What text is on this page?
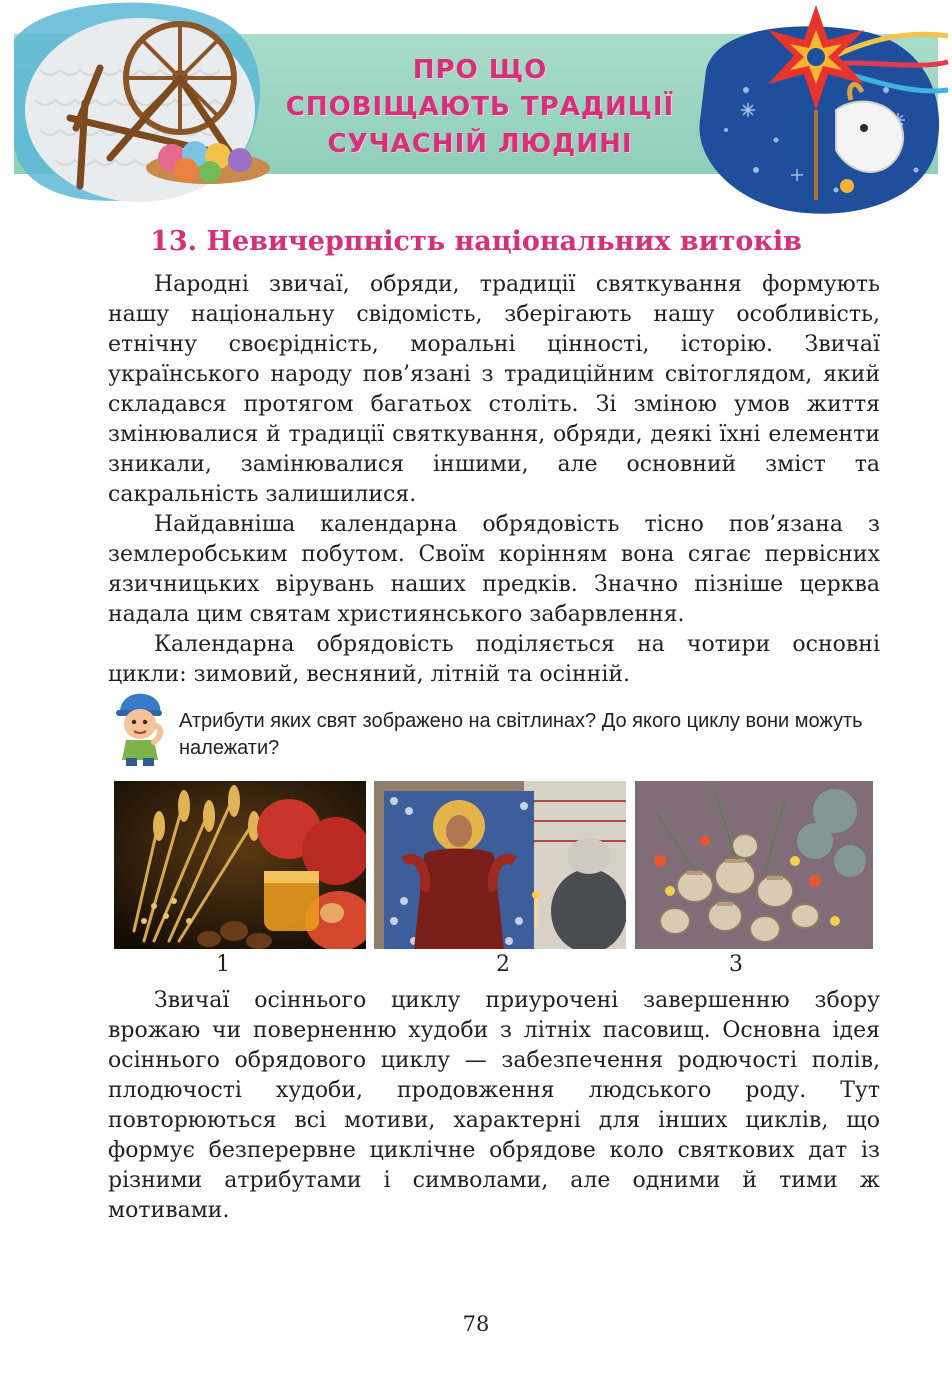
ПРО ЩО
СПОВІЩАЮТЬ ТРАДИЦІЇ
СУЧАСНІЙ ЛЮДИНІ
13. Невичерпність національних витоків

Народні звичаї, обряди, традиції святкування формують нашу національну свідомість, зберігають нашу особливість, етнічну своєрідність, моральні цінності, історію. Звичаї українського народу пов’язані з традиційним світоглядом, який складався протягом багатьох століть. Зі зміною умов життя змінювалися й традиції святкування, обряди, деякі їхні елементи зникали, замінювалися іншими, але основний зміст та сакральність залишилися.

Найдавніша календарна обрядовість тісно пов’язана з землеробським побутом. Своїм корінням вона сягає первісних язичницьких вірувань наших предків. Значно пізніше церква надала цим святам християнського забарвлення.

Календарна обрядовість поділяється на чотири основні цикли: зимовий, весняний, літній та осінній.

Атрибути яких свят зображено на світлинах? До якого циклу вони можуть належати?
1	2	3

Звичаї осіннього циклу приурочені завершенню збору врожаю чи поверненню худоби з літніх пасовищ. Основна ідея осіннього обрядового циклу — забезпечення родючості полів, плодючості худоби, продовження людського роду. Тут повторюються всі мотиви, характерні для інших циклів, що формує безперервне циклічне обрядове коло святкових дат із різними атрибутами і символами, але одними й тими ж мотивами.

78
